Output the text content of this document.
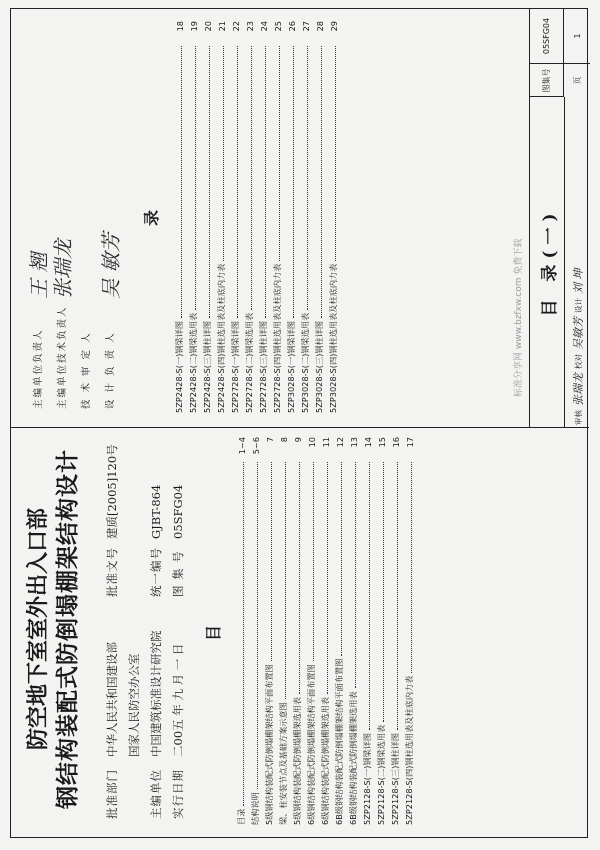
防空地下室室外出入口部 钢结构装配式防倒塌棚架结构设计 批准部门
中华人民共和国建设部
批准文号
建质[2005]120号
国家人民防空办公室
主编单位
中国建筑标准设计研究院
统一编号
GJBT-864
实行日期
二00五 年 九 月 一 日
图 集 号
05SFG04
目
目录
1~4
结构说明
5~6
5级钢结构装配式防倒塌棚架结构平面布置图
7
梁、柱安装节点及基础方案示意图
8
5级钢结构装配式防倒塌棚架选用表
9
6级钢结构装配式防倒塌棚架结构平面布置图
10
6级钢结构装配式防倒塌棚架选用表
11
6B级钢结构装配式防倒塌棚架结构平面布置图
12
6B级钢结构装配式防倒塌棚架选用表
13
5ZP2128-S(一)钢梁详图
14
5ZP2128-S(二)钢梁选用表
15
5ZP2128-S(三)钢柱详图
16
5ZP2128-S(四)钢柱选用表及柱底内力表
17
主编单位负责人
王 翘
主编单位技术负责人
张瑞龙
技 术 审 定 人	设 计 负 责 人
吴 敏芳
录
5ZP2428-S(一)钢梁详图
18
5ZP2428-S(二)钢梁选用表
19
5ZP2428-S(三)钢柱详图
20
5ZP2428-S(四)钢柱选用表及柱底内力表
21
5ZP2728-S(一)钢梁详图
22
5ZP2728-S(二)钢梁选用表
23
5ZP2728-S(三)钢柱详图
24
5ZP2728-S(四)钢柱选用表及柱底内力表
25
5ZP3028-S(一)钢梁详图
26
5ZP3028-S(二)钢梁选用表
27
5ZP3028-S(三)钢柱详图
28
5ZP3028-S(四)钢柱选用表及柱底内力表
29
标准分享网 www.bzfxw.com 免费下载 目 录(一)
审核
张瑞龙
校对
吴敏芳
设计
刘 坤
图集号
05SFG04
页
1
